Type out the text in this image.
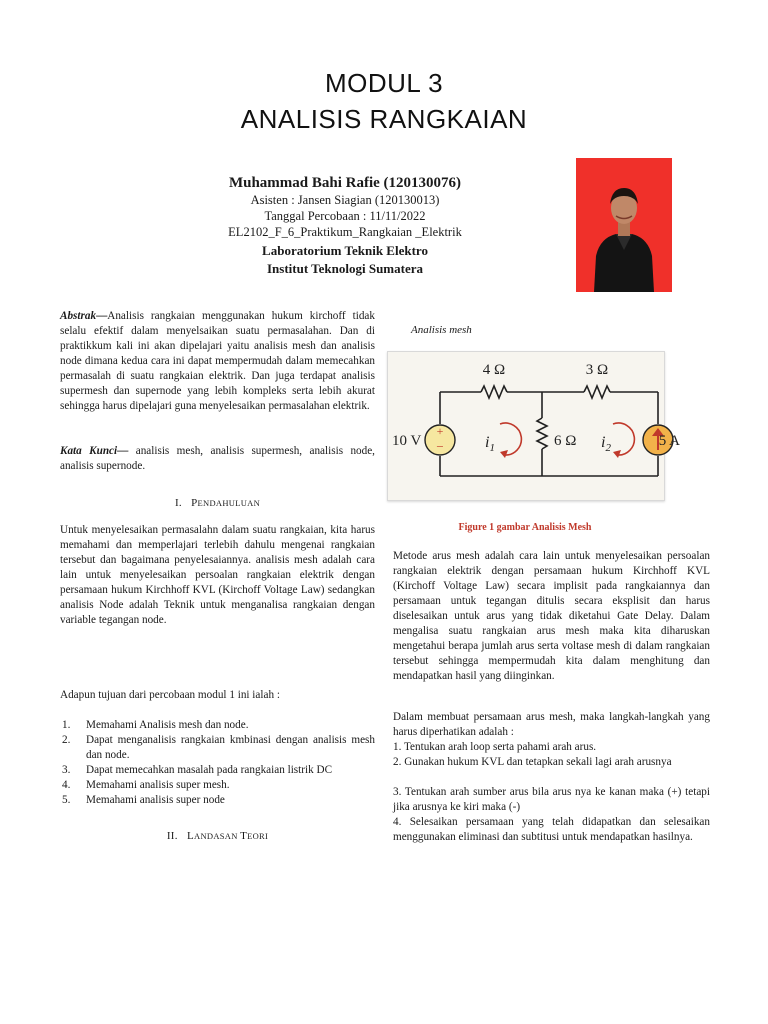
MODUL 3
ANALISIS RANGKAIAN
Muhammad Bahi Rafie (120130076)
Asisten : Jansen Siagian (120130013)
Tanggal Percobaan : 11/11/2022
EL2102_F_6_Praktikum_Rangkaian _Elektrik
Laboratorium Teknik Elektro
Institut Teknologi Sumatera
Abstrak—Analisis rangkaian menggunakan hukum kirchoff tidak selalu efektif dalam menyelsaikan suatu permasalahan. Dan di praktikkum kali ini akan dipelajari yaitu analisis mesh dan analisis node dimana kedua cara ini dapat mempermudah dalam memecahkan permasalah di suatu rangkaian elektrik. Dan juga terdapat analisis supermesh dan supernode yang lebih kompleks serta lebih akurat sehingga harus dipelajari guna menyelesaikan permasalahan elektrik.
Kata Kunci— analisis mesh, analisis supermesh, analisis node, analisis supernode.
I. PENDAHULUAN
Untuk menyelesaikan permasalahn dalam suatu rangkaian, kita harus memahami dan memperlajari terlebih dahulu mengenai rangkaian tersebut dan bagaimana penyelesaiannya. analisis mesh adalah cara lain untuk menyelesaikan persoalan rangkaian elektrik dengan persamaan hukum Kirchhoff KVL (Kirchoff Voltage Law) sedangkan analisis Node adalah Teknik untuk menganalisa rangkaian dengan variable tegangan node.
Adapun tujuan dari percobaan modul 1 ini ialah :
1. Memahami Analisis mesh dan node.
2. Dapat menganalisis rangkaian kmbinasi dengan analisis mesh dan node.
3. Dapat memecahkan masalah pada rangkaian listrik DC
4. Memahami analisis super mesh.
5. Memahami analisis super node
II. LANDASAN TEORI
Analisis mesh
+
−
4 Ω	3 Ω
6 Ω
10 V	5 A
$i_1$	$i_2$
Figure 1 gambar Analisis Mesh
Metode arus mesh adalah cara lain untuk menyelesaikan persoalan rangkaian elektrik dengan persamaan hukum Kirchhoff KVL (Kirchoff Voltage Law) secara implisit pada rangkaiannya dan persamaan untuk tegangan ditulis secara eksplisit dan harus diselesaikan untuk arus yang tidak diketahui Gate Delay. Dalam mengalisa suatu rangkaian arus mesh maka kita diharuskan mengetahui berapa jumlah arus serta voltase mesh di dalam rangkaian tersebut sehingga mempermudah kita dalam menghitung dan mendapatkan hasil yang diinginkan.
Dalam membuat persamaan arus mesh, maka langkah-langkah yang harus diperhatikan adalah :
1. Tentukan arah loop serta pahami arah arus.
2. Gunakan hukum KVL dan tetapkan sekali lagi arah arusnya
3. Tentukan arah sumber arus bila arus nya ke kanan maka (+) tetapi jika arusnya ke kiri maka (-)
4. Selesaikan persamaan yang telah didapatkan dan selesaikan menggunakan eliminasi dan subtitusi untuk mendapatkan hasilnya.
